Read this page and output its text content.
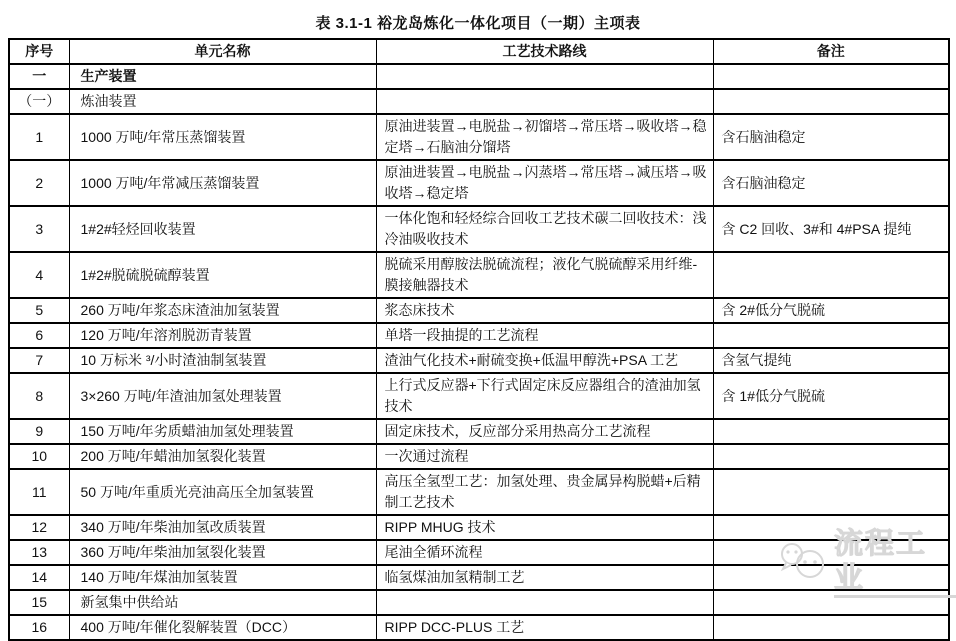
表 3.1-1 裕龙岛炼化一体化项目（一期）主项表
序号	单元名称	工艺技术路线	备注
一	生产装置		
（一）	炼油装置		
1	1000 万吨/年常压蒸馏装置	原油进装置→电脱盐→初馏塔→常压塔→吸收塔→稳定塔→石脑油分馏塔	含石脑油稳定
2	1000 万吨/年常减压蒸馏装置	原油进装置→电脱盐→闪蒸塔→常压塔→减压塔→吸收塔→稳定塔	含石脑油稳定
3	1#2#轻烃回收装置	一体化饱和轻烃综合回收工艺技术碳二回收技术：浅冷油吸收技术	含 C2 回收、3#和 4#PSA 提纯
4	1#2#脱硫脱硫醇装置	脱硫采用醇胺法脱硫流程；液化气脱硫醇采用纤维-膜接触器技术	
5	260 万吨/年浆态床渣油加氢装置	浆态床技术	含 2#低分气脱硫
6	120 万吨/年溶剂脱沥青装置	单塔一段抽提的工艺流程	
7	10 万标米 ³/小时渣油制氢装置	渣油气化技术+耐硫变换+低温甲醇洗+PSA 工艺	含氢气提纯
8	3×260 万吨/年渣油加氢处理装置	上行式反应器+下行式固定床反应器组合的渣油加氢技术	含 1#低分气脱硫
9	150 万吨/年劣质蜡油加氢处理装置	固定床技术，反应部分采用热高分工艺流程	
10	200 万吨/年蜡油加氢裂化装置	一次通过流程	
11	50 万吨/年重质光亮油高压全加氢装置	高压全氢型工艺：加氢处理、贵金属异构脱蜡+后精制工艺技术	
12	340 万吨/年柴油加氢改质装置	RIPP MHUG 技术	
13	360 万吨/年柴油加氢裂化装置	尾油全循环流程	
14	140 万吨/年煤油加氢装置	临氢煤油加氢精制工艺	
15	新氢集中供给站		
16	400 万吨/年催化裂解装置（DCC）	RIPP DCC-PLUS 工艺	
流程工业
